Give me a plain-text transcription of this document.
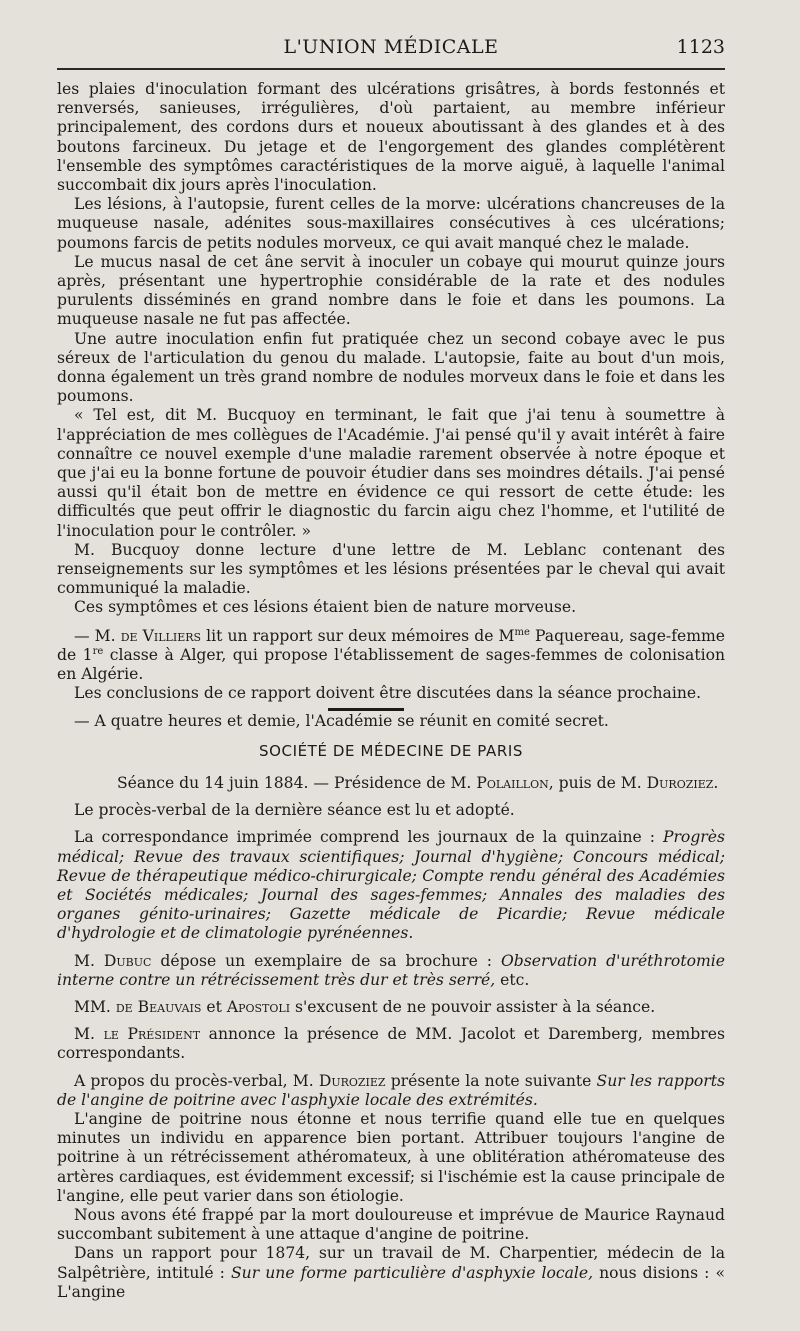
L'UNION MÉDICALE	1123

les plaies d'inoculation formant des ulcérations grisâtres, à bords festonnés et renversés, sanieuses, irrégulières, d'où partaient, au membre inférieur principalement, des cordons durs et noueux aboutissant à des glandes et à des boutons farcineux. Du jetage et de l'engorgement des glandes complétèrent l'ensemble des symptômes caractéristiques de la morve aiguë, à laquelle l'animal succombait dix jours après l'inoculation.

Les lésions, à l'autopsie, furent celles de la morve: ulcérations chancreuses de la muqueuse nasale, adénites sous-maxillaires consécutives à ces ulcérations; poumons farcis de petits nodules morveux, ce qui avait manqué chez le malade.

Le mucus nasal de cet âne servit à inoculer un cobaye qui mourut quinze jours après, présentant une hypertrophie considérable de la rate et des nodules purulents disséminés en grand nombre dans le foie et dans les poumons. La muqueuse nasale ne fut pas affectée.

Une autre inoculation enfin fut pratiquée chez un second cobaye avec le pus séreux de l'articulation du genou du malade. L'autopsie, faite au bout d'un mois, donna également un très grand nombre de nodules morveux dans le foie et dans les poumons.

« Tel est, dit M. Bucquoy en terminant, le fait que j'ai tenu à soumettre à l'appréciation de mes collègues de l'Académie. J'ai pensé qu'il y avait intérêt à faire connaître ce nouvel exemple d'une maladie rarement observée à notre époque et que j'ai eu la bonne fortune de pouvoir étudier dans ses moindres détails. J'ai pensé aussi qu'il était bon de mettre en évidence ce qui ressort de cette étude: les difficultés que peut offrir le diagnostic du farcin aigu chez l'homme, et l'utilité de l'inoculation pour le contrôler. »

M. Bucquoy donne lecture d'une lettre de M. Leblanc contenant des renseignements sur les symptômes et les lésions présentées par le cheval qui avait communiqué la maladie.

Ces symptômes et ces lésions étaient bien de nature morveuse.

— M. de Villiers lit un rapport sur deux mémoires de $M^{me}$ Paquereau, sage-femme de 1re classe à Alger, qui propose l'établissement de sages-femmes de colonisation en Algérie.

Les conclusions de ce rapport doivent être discutées dans la séance prochaine.

— A quatre heures et demie, l'Académie se réunit en comité secret.

SOCIÉTÉ DE MÉDECINE DE PARIS

Séance du 14 juin 1884. — Présidence de M. Polaillon, puis de M. Duroziez.

Le procès-verbal de la dernière séance est lu et adopté.

La correspondance imprimée comprend les journaux de la quinzaine : Progrès médical; Revue des travaux scientifiques; Journal d'hygiène; Concours médical; Revue de thérapeutique médico-chirurgicale; Compte rendu général des Académies et Sociétés médicales; Journal des sages-femmes; Annales des maladies des organes génito-urinaires; Gazette médicale de Picardie; Revue médicale d'hydrologie et de climatologie pyrénéennes.

M. Dubuc dépose un exemplaire de sa brochure : Observation d'uréthrotomie interne contre un rétrécissement très dur et très serré, etc.

MM. de Beauvais et Apostoli s'excusent de ne pouvoir assister à la séance.

M. le Président annonce la présence de MM. Jacolot et Daremberg, membres correspondants.

A propos du procès-verbal, M. Duroziez présente la note suivante Sur les rapports de l'angine de poitrine avec l'asphyxie locale des extrémités.

L'angine de poitrine nous étonne et nous terrifie quand elle tue en quelques minutes un individu en apparence bien portant. Attribuer toujours l'angine de poitrine à un rétrécissement athéromateux, à une oblitération athéromateuse des artères cardiaques, est évidemment excessif; si l'ischémie est la cause principale de l'angine, elle peut varier dans son étiologie.

Nous avons été frappé par la mort douloureuse et imprévue de Maurice Raynaud succombant subitement à une attaque d'angine de poitrine.

Dans un rapport pour 1874, sur un travail de M. Charpentier, médecin de la Salpêtrière, intitulé : Sur une forme particulière d'asphyxie locale, nous disions : « L'angine
